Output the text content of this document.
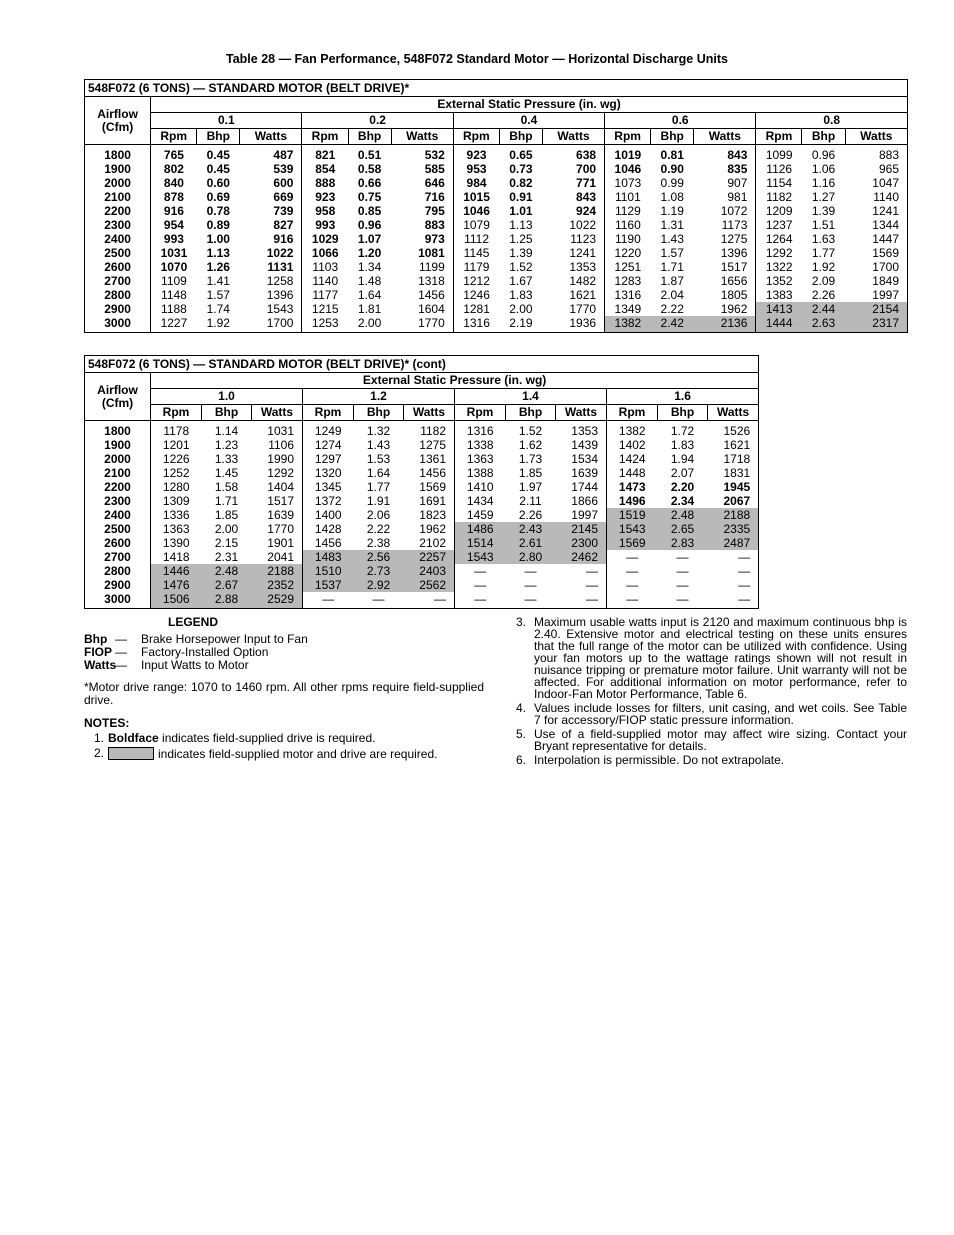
Table 28 — Fan Performance, 548F072 Standard Motor — Horizontal Discharge Units
548F072 (6 TONS) — STANDARD MOTOR (BELT DRIVE)*															

Airflow
(Cfm)	External Static Pressure (in. wg)														
	0.1			0.2			0.4			0.6			0.8		
	Rpm	Bhp	Watts	Rpm	Bhp	Watts	Rpm	Bhp	Watts	Rpm	Bhp	Watts	Rpm	Bhp	Watts
1800	765	0.45	487	821	0.51	532	923	0.65	638	1019	0.81	843	1099	0.96	883
1900	802	0.45	539	854	0.58	585	953	0.73	700	1046	0.90	835	1126	1.06	965
2000	840	0.60	600	888	0.66	646	984	0.82	771	1073	0.99	907	1154	1.16	1047
2100	878	0.69	669	923	0.75	716	1015	0.91	843	1101	1.08	981	1182	1.27	1140
2200	916	0.78	739	958	0.85	795	1046	1.01	924	1129	1.19	1072	1209	1.39	1241
2300	954	0.89	827	993	0.96	883	1079	1.13	1022	1160	1.31	1173	1237	1.51	1344
2400	993	1.00	916	1029	1.07	973	1112	1.25	1123	1190	1.43	1275	1264	1.63	1447
2500	1031	1.13	1022	1066	1.20	1081	1145	1.39	1241	1220	1.57	1396	1292	1.77	1569
2600	1070	1.26	1131	1103	1.34	1199	1179	1.52	1353	1251	1.71	1517	1322	1.92	1700
2700	1109	1.41	1258	1140	1.48	1318	1212	1.67	1482	1283	1.87	1656	1352	2.09	1849
2800	1148	1.57	1396	1177	1.64	1456	1246	1.83	1621	1316	2.04	1805	1383	2.26	1997
2900	1188	1.74	1543	1215	1.81	1604	1281	2.00	1770	1349	2.22	1962	1413	2.44	2154
3000	1227	1.92	1700	1253	2.00	1770	1316	2.19	1936	1382	2.42	2136	1444	2.63	2317
548F072 (6 TONS) — STANDARD MOTOR (BELT DRIVE)* (cont)												

Airflow
(Cfm)	External Static Pressure (in. wg)											
	1.0			1.2			1.4			1.6		
	Rpm	Bhp	Watts	Rpm	Bhp	Watts	Rpm	Bhp	Watts	Rpm	Bhp	Watts
1800	1178	1.14	1031	1249	1.32	1182	1316	1.52	1353	1382	1.72	1526
1900	1201	1.23	1106	1274	1.43	1275	1338	1.62	1439	1402	1.83	1621
2000	1226	1.33	1990	1297	1.53	1361	1363	1.73	1534	1424	1.94	1718
2100	1252	1.45	1292	1320	1.64	1456	1388	1.85	1639	1448	2.07	1831
2200	1280	1.58	1404	1345	1.77	1569	1410	1.97	1744	1473	2.20	1945
2300	1309	1.71	1517	1372	1.91	1691	1434	2.11	1866	1496	2.34	2067
2400	1336	1.85	1639	1400	2.06	1823	1459	2.26	1997	1519	2.48	2188
2500	1363	2.00	1770	1428	2.22	1962	1486	2.43	2145	1543	2.65	2335
2600	1390	2.15	1901	1456	2.38	2102	1514	2.61	2300	1569	2.83	2487
2700	1418	2.31	2041	1483	2.56	2257	1543	2.80	2462	—	—	—
2800	1446	2.48	2188	1510	2.73	2403	—	—	—	—	—	—
2900	1476	2.67	2352	1537	2.92	2562	—	—	—	—	—	—
3000	1506	2.88	2529	—	—	—	—	—	—	—	—	—
LEGEND
Bhp —	Brake Horsepower Input to Fan
FIOP —	Factory-Installed Option
Watts
—	Input Watts to Motor
*Motor drive range: 1070 to 1460 rpm. All other rpms require field-supplied drive.
NOTES:
1. Boldface indicates field-supplied drive is required.
2.	indicates field-supplied motor and drive are required.
3. Maximum usable watts input is 2120 and maximum continuous bhp is 2.40. Extensive motor and electrical testing on these units ensures that the full range of the motor can be utilized with confidence. Using your fan motors up to the wattage ratings shown will not result in nuisance tripping or premature motor failure. Unit warranty will not be affected. For additional information on motor performance, refer to Indoor-Fan Motor Performance, Table 6.
4. Values include losses for filters, unit casing, and wet coils. See Table 7 for accessory/FIOP static pressure information.
5. Use of a field-supplied motor may affect wire sizing. Contact your Bryant representative for details.
6. Interpolation is permissible. Do not extrapolate.
